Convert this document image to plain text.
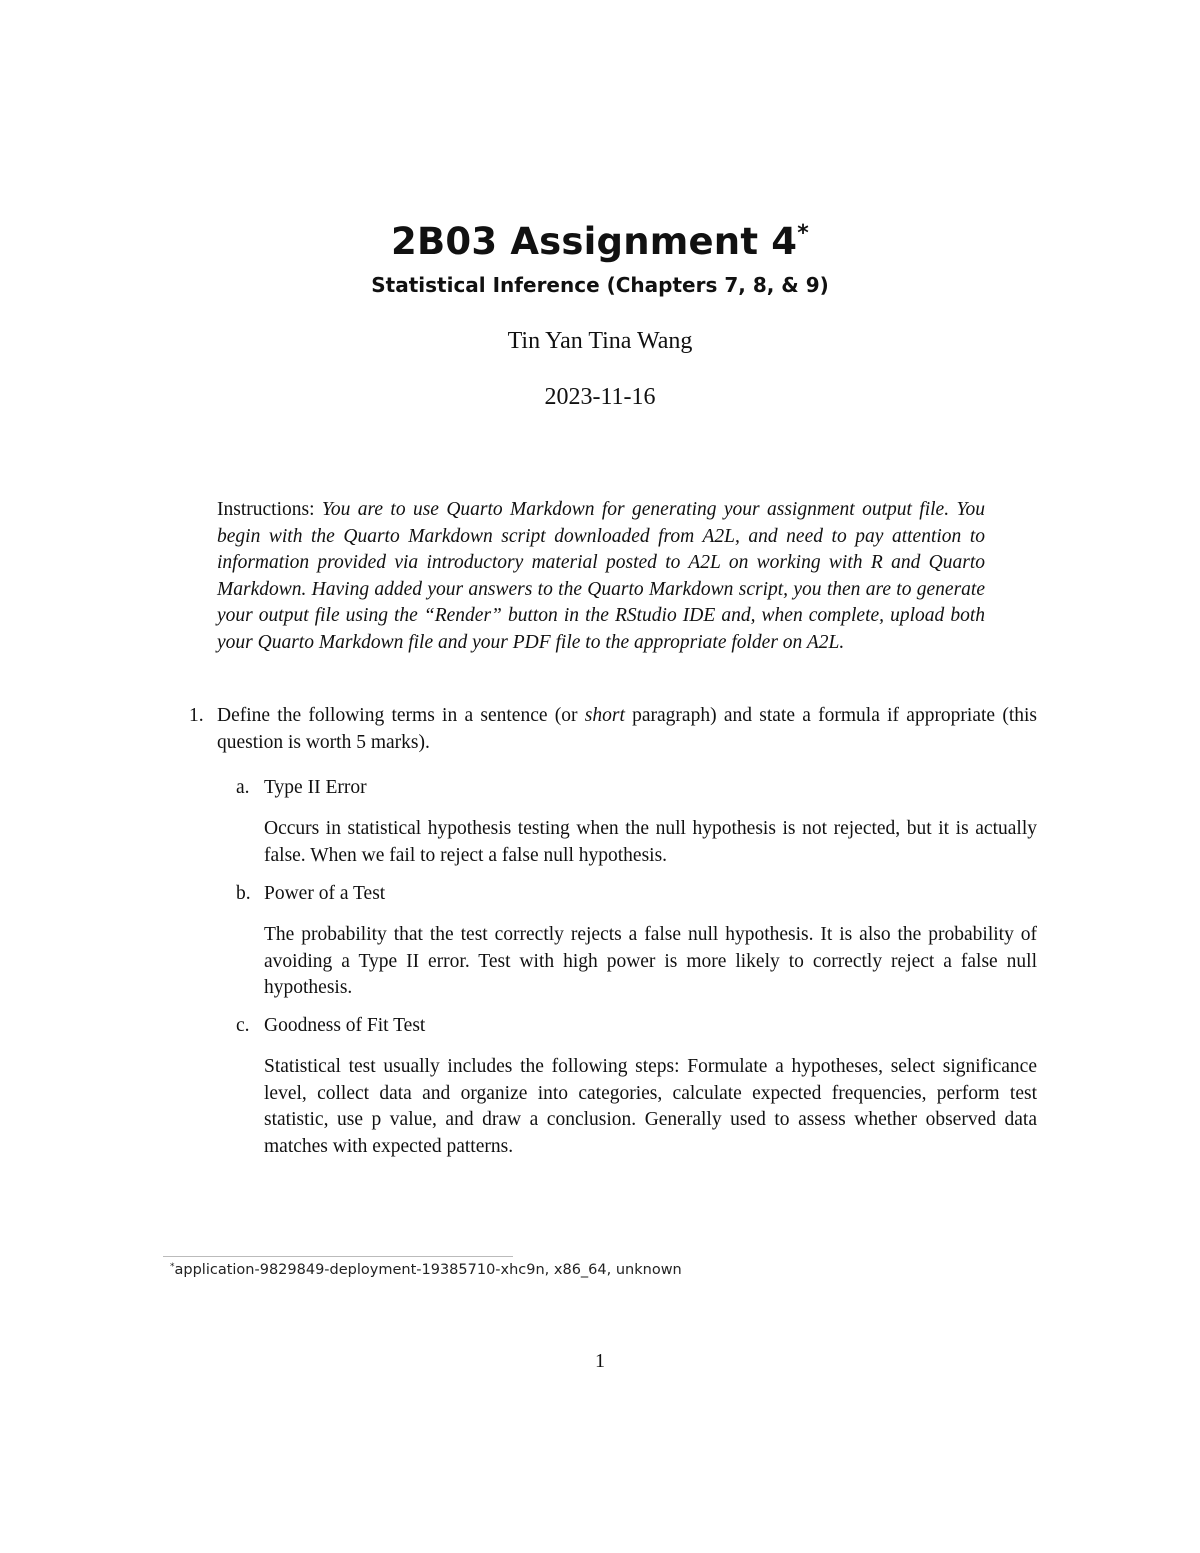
2B03 Assignment 4*
Statistical Inference (Chapters 7, 8, & 9)
Tin Yan Tina Wang
2023-11-16
Instructions: You are to use Quarto Markdown for generating your assignment output file. You begin with the Quarto Markdown script downloaded from A2L, and need to pay attention to information provided via introductory material posted to A2L on working with R and Quarto Markdown. Having added your answers to the Quarto Markdown script, you then are to generate your output file using the “Render” button in the RStudio IDE and, when complete, upload both your Quarto Markdown file and your PDF file to the appropriate folder on A2L.
1. Define the following terms in a sentence (or short paragraph) and state a formula if appropriate (this question is worth 5 marks).
a. Type II Error
Occurs in statistical hypothesis testing when the null hypothesis is not rejected, but it is actually false. When we fail to reject a false null hypothesis.
b. Power of a Test
The probability that the test correctly rejects a false null hypothesis. It is also the probability of avoiding a Type II error. Test with high power is more likely to correctly reject a false null hypothesis.
c. Goodness of Fit Test
Statistical test usually includes the following steps: Formulate a hypotheses, select significance level, collect data and organize into categories, calculate expected frequencies, perform test statistic, use p value, and draw a conclusion. Generally used to assess whether observed data matches with expected patterns.
*application-9829849-deployment-19385710-xhc9n, x86_64, unknown
1
